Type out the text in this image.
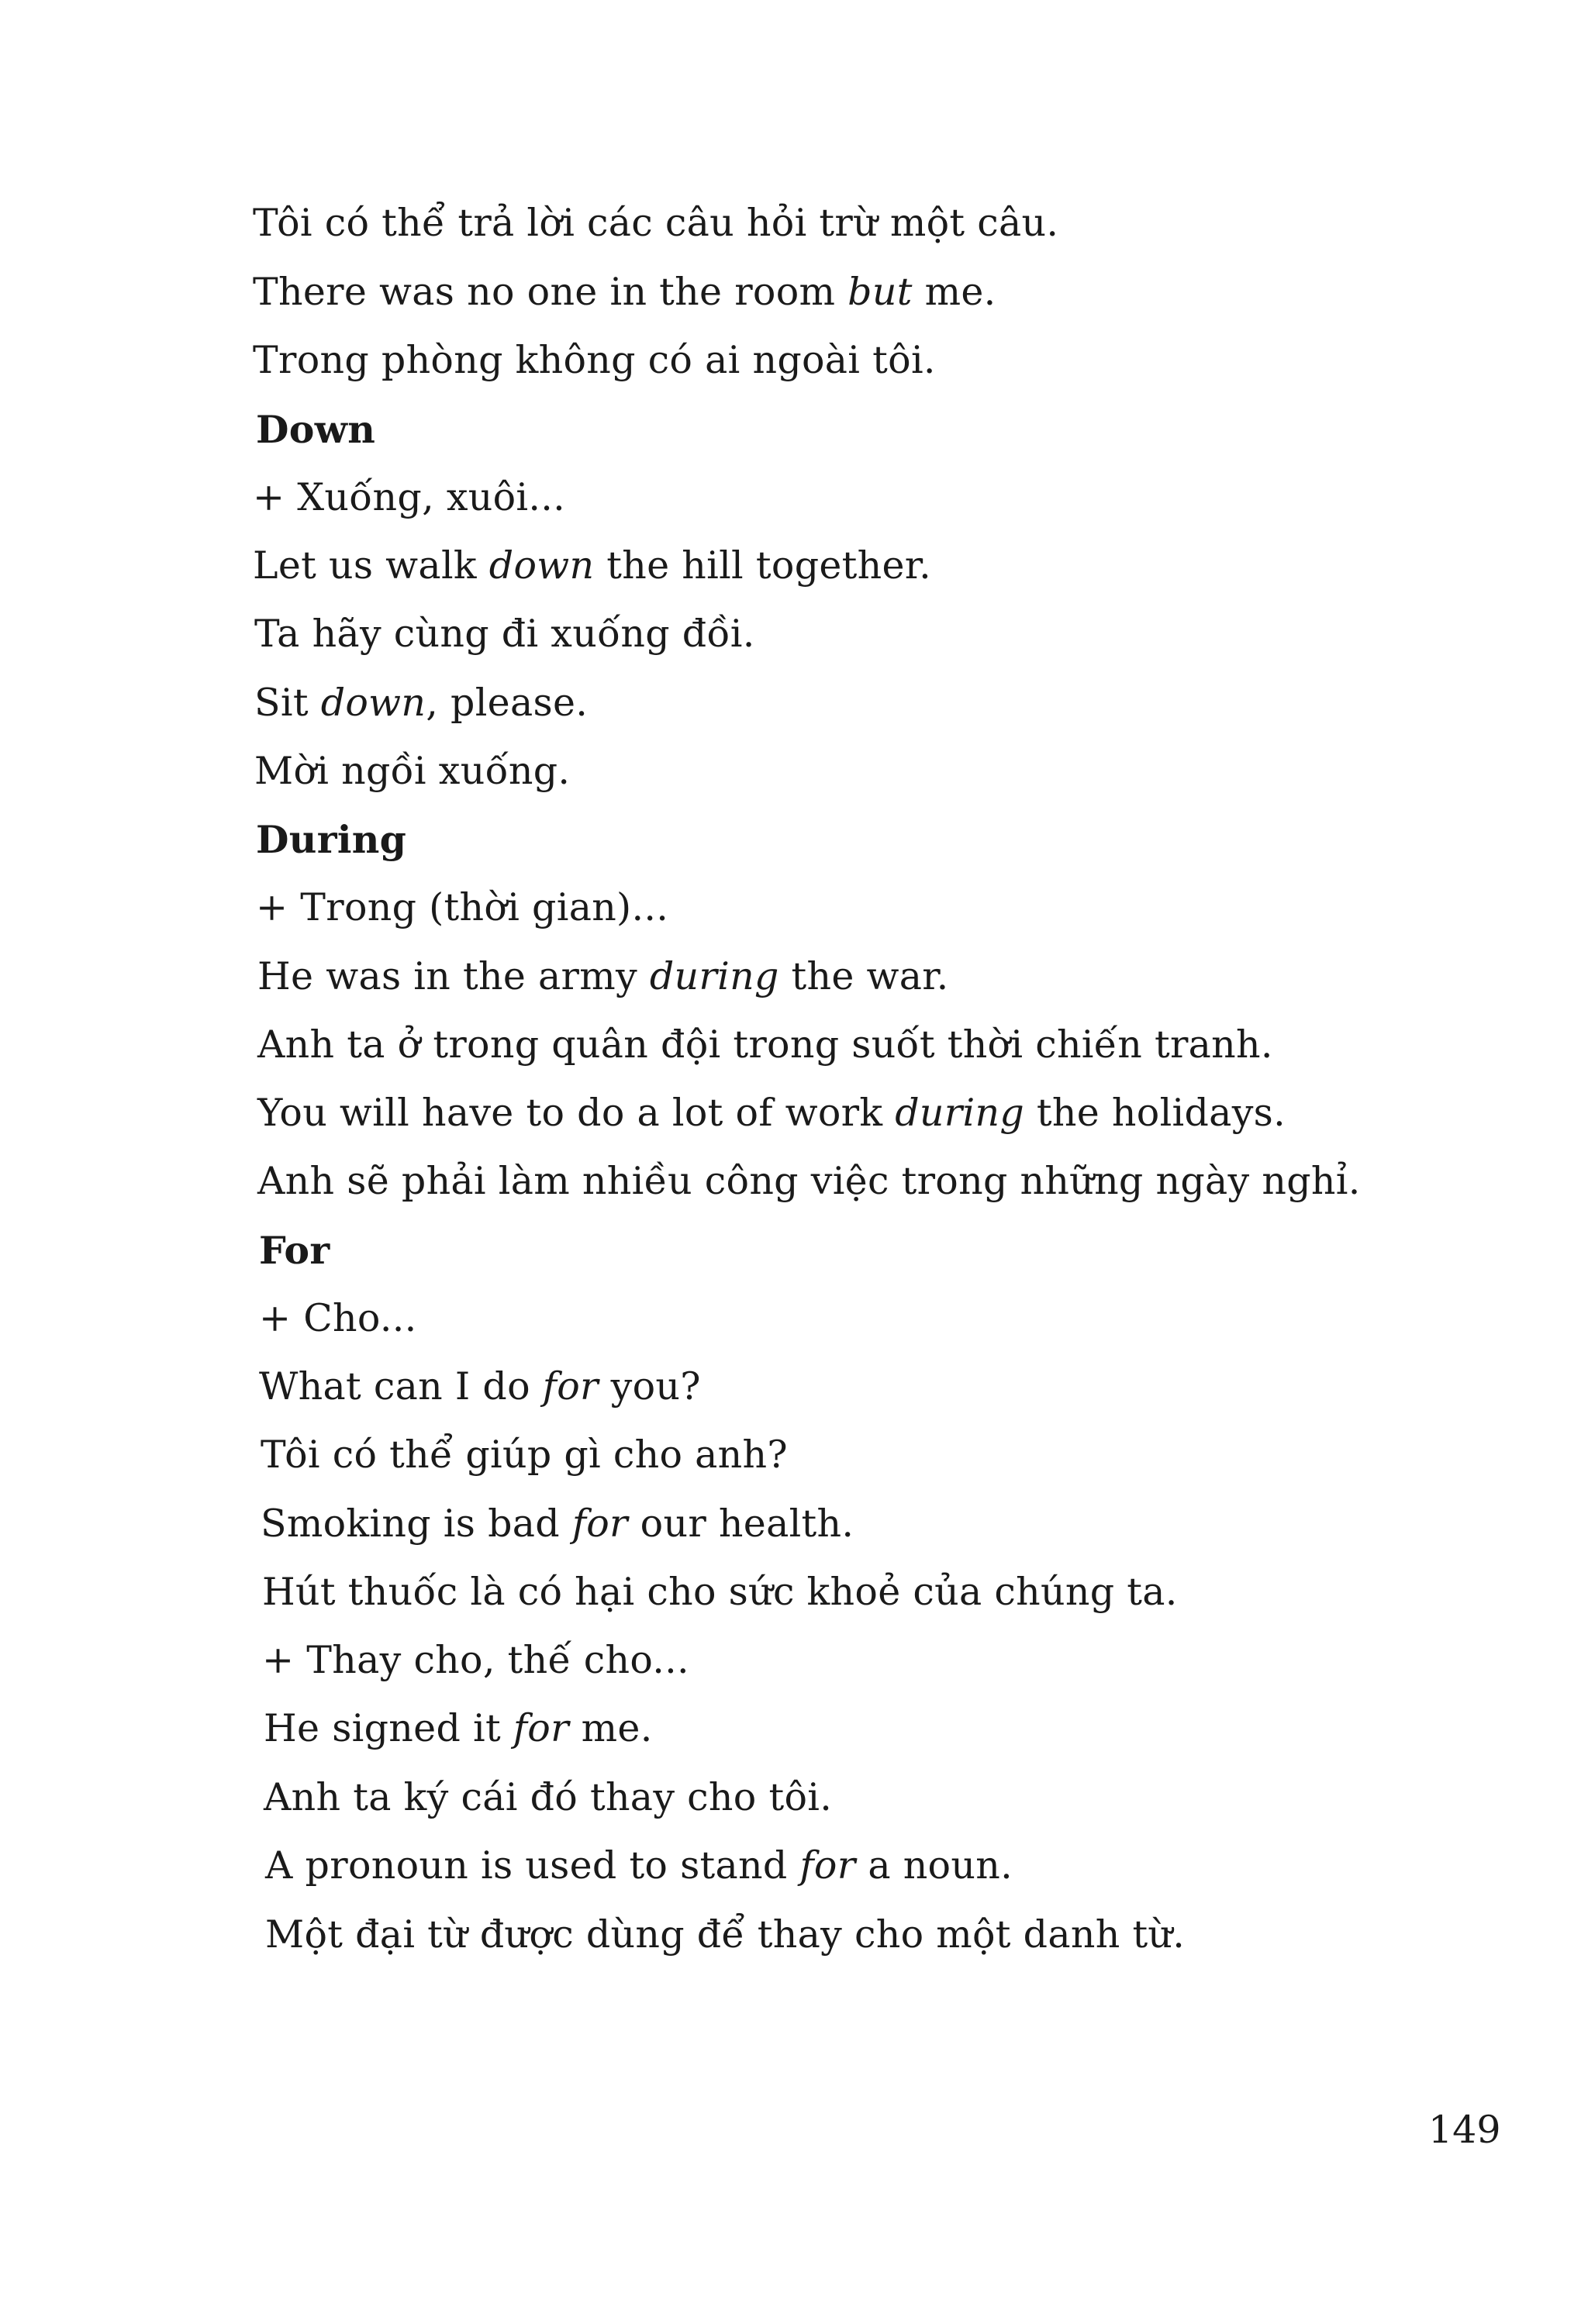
Tôi có thể trả lời các câu hỏi trừ một câu.
There was no one in the room but me.
Trong phòng không có ai ngoài tôi.
Down
+ Xuống, xuôi...
Let us walk down the hill together.
Ta hãy cùng đi xuống đồi.
Sit down, please.
Mời ngồi xuống.
During
+ Trong (thời gian)...
He was in the army during the war.
Anh ta ở trong quân đội trong suốt thời chiến tranh.
You will have to do a lot of work during the holidays.
Anh sẽ phải làm nhiều công việc trong những ngày nghỉ.
For
+ Cho...
What can I do for you?
Tôi có thể giúp gì cho anh?
Smoking is bad for our health.
Hút thuốc là có hại cho sức khoẻ của chúng ta.
+ Thay cho, thế cho...
He signed it for me.
Anh ta ký cái đó thay cho tôi.
A pronoun is used to stand for a noun.
Một đại từ được dùng để thay cho một danh từ.
149
